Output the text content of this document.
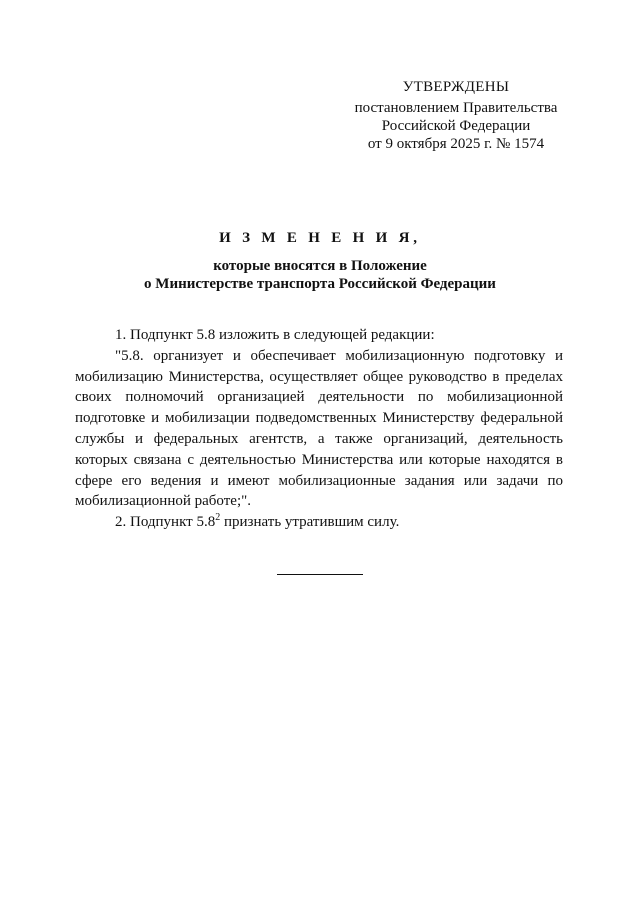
УТВЕРЖДЕНЫ
постановлением Правительства
Российской Федерации
от 9 октября 2025 г. № 1574
И З М Е Н Е Н И Я,
которые вносятся в Положение
о Министерстве транспорта Российской Федерации

1. Подпункт 5.8 изложить в следующей редакции:

"5.8. организует и обеспечивает мобилизационную подготовку и мобилизацию Министерства, осуществляет общее руководство в пределах своих полномочий организацией деятельности по мобилизационной подготовке и мобилизации подведомственных Министерству федеральной службы и федеральных агентств, а также организаций, деятельность которых связана с деятельностью Министерства или которые находятся в сфере его ведения и имеют мобилизационные задания или задачи по мобилизационной работе;".

2. Подпункт $5.8^2$ признать утратившим силу.
